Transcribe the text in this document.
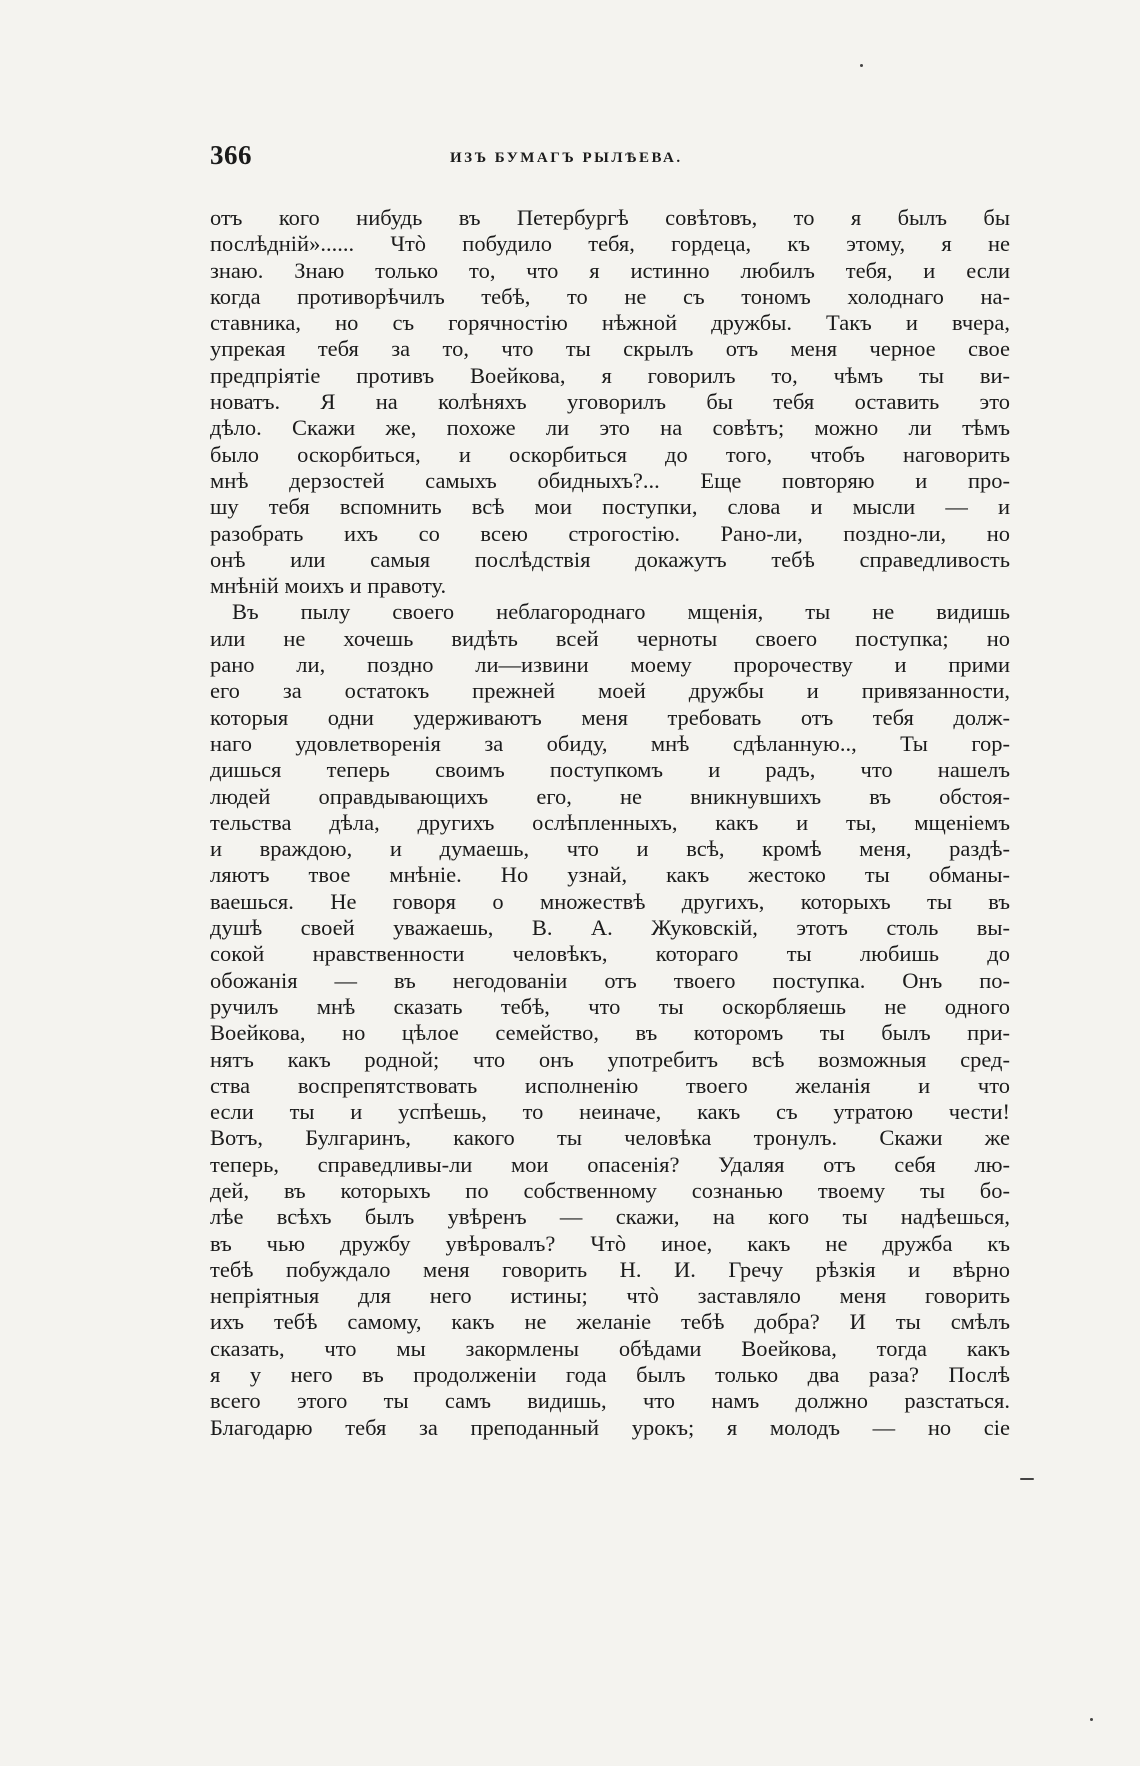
366	ИЗЪ БУМАГЪ РЫЛѢЕВА.
отъ кого нибудь въ Петербургѣ совѣтовъ, то я былъ бы
послѣднiй»...... Чтò побудило тебя, гордеца, къ этому, я не
знаю. Знаю только то, что я истинно любилъ тебя, и если
когда противорѣчилъ тебѣ, то не съ тономъ холоднаго на-
ставника, но съ горячностiю нѣжной дружбы. Такъ и вчера,
упрекая тебя за то, что ты скрылъ отъ меня черное свое
предпрiятiе противъ Воейкова, я говорилъ то, чѣмъ ты ви-
новатъ. Я на колѣняхъ уговорилъ бы тебя оставить это
дѣло. Скажи же, похоже ли это на совѣтъ; можно ли тѣмъ
было оскорбиться, и оскорбиться до того, чтобъ наговорить
мнѣ дерзостей самыхъ обидныхъ?... Еще повторяю и про-
шу тебя вспомнить всѣ мои поступки, слова и мысли — и
разобрать ихъ со всею строгостiю. Рано-ли, поздно-ли, но
онѣ или самыя послѣдствiя докажутъ тебѣ справедливость
мнѣнiй моихъ и правоту.
Въ пылу своего неблагороднаго мщенiя, ты не видишь
или не хочешь видѣть всей черноты своего поступка; но
рано ли, поздно ли—извини моему пророчеству и прими
его за остатокъ прежней моей дружбы и привязанности,
которыя одни удерживаютъ меня требовать отъ тебя долж-
наго удовлетворенiя за обиду, мнѣ сдѣланную.., Ты гор-
дишься теперь своимъ поступкомъ и радъ, что нашелъ
людей оправдывающихъ его, не вникнувшихъ въ обстоя-
тельства дѣла, другихъ ослѣпленныхъ, какъ и ты, мщенiемъ
и враждою, и думаешь, что и всѣ, кромѣ меня, раздѣ-
ляютъ твое мнѣнiе. Но узнай, какъ жестоко ты обманы-
ваешься. Не говоря о множествѣ другихъ, которыхъ ты въ
душѣ своей уважаешь, В. А. Жуковскiй, этотъ столь вы-
сокой нравственности человѣкъ, котораго ты любишь до
обожанiя — въ негодованiи отъ твоего поступка. Онъ по-
ручилъ мнѣ сказать тебѣ, что ты оскорбляешь не одного
Воейкова, но цѣлое семейство, въ которомъ ты былъ при-
нятъ какъ родной; что онъ употребитъ всѣ возможныя сред-
ства воспрепятствовать исполненiю твоего желанiя и что
если ты и успѣешь, то неиначе, какъ съ утратою чести!
Вотъ, Булгаринъ, какого ты человѣка тронулъ. Скажи же
теперь, справедливы-ли мои опасенiя? Удаляя отъ себя лю-
дей, въ которыхъ по собственному сознанью твоему ты бо-
лѣе всѣхъ былъ увѣренъ — скажи, на кого ты надѣешься,
въ чью дружбу увѣровалъ? Чтò иное, какъ не дружба къ
тебѣ побуждало меня говорить Н. И. Гречу рѣзкiя и вѣрно
непрiятныя для него истины; чтò заставляло меня говорить
ихъ тебѣ самому, какъ не желанiе тебѣ добра? И ты смѣлъ
сказать, что мы закормлены обѣдами Воейкова, тогда какъ
я у него въ продолженiи года былъ только два раза? Послѣ
всего этого ты самъ видишь, что намъ должно разстаться.
Благодарю тебя за преподанный урокъ; я молодъ — но сiе
